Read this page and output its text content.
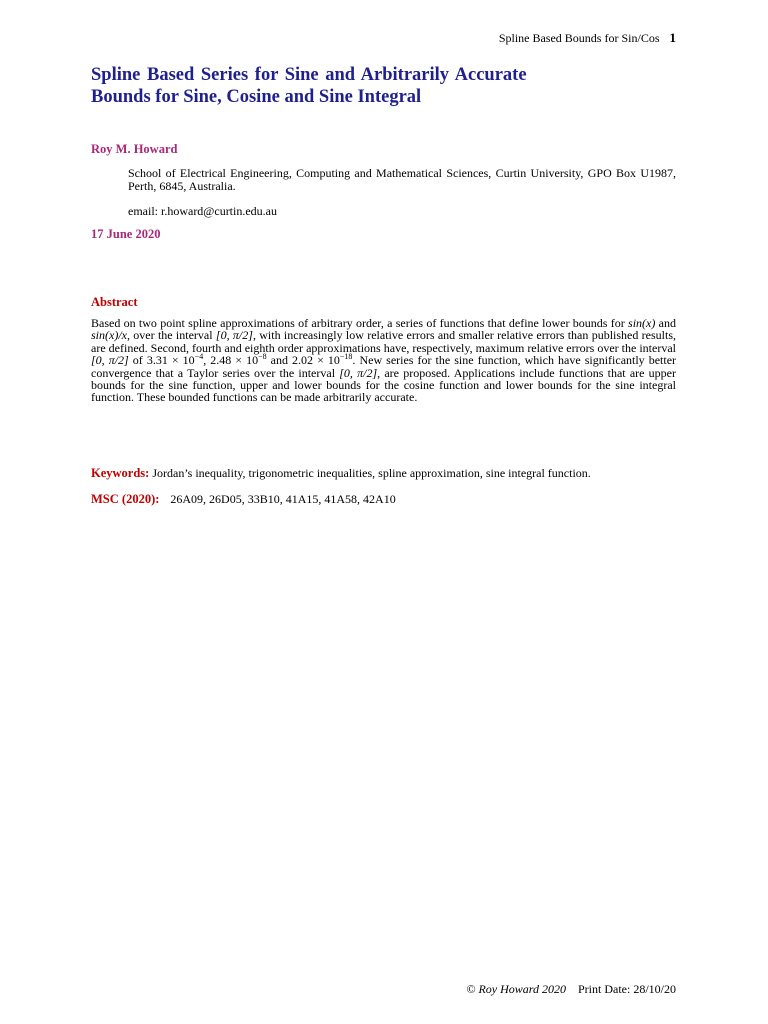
Spline Based Bounds for Sin/Cos 1
Spline Based Series for Sine and Arbitrarily Accurate
Bounds for Sine, Cosine and Sine Integral
Roy M. Howard
School of Electrical Engineering, Computing and Mathematical Sciences, Curtin University, GPO Box U1987, Perth, 6845, Australia.
email: r.howard@curtin.edu.au
17 June 2020
Abstract

Based on two point spline approximations of arbitrary order, a series of functions that define lower bounds for sin(x) and sin(x)/x, over the interval [0, π/2], with increasingly low relative errors and smaller relative errors than published results, are defined. Second, fourth and eighth order approximations have, respectively, maximum relative errors over the interval [0, π/2] of $3.31 \times 10^{-4}$, $2.48 \times 10^{-8}$ and $2.02 \times 10^{-18}$. New series for the sine function, which have significantly better convergence that a Taylor series over the interval [0, π/2], are proposed. Applications include functions that are upper bounds for the sine function, upper and lower bounds for the cosine function and lower bounds for the sine integral function. These bounded functions can be made arbitrarily accurate.

Keywords: Jordan’s inequality, trigonometric inequalities, spline approximation, sine integral function.
MSC (2020): 26A09, 26D05, 33B10, 41A15, 41A58, 42A10
© Roy Howard 2020 Print Date: 28/10/20
